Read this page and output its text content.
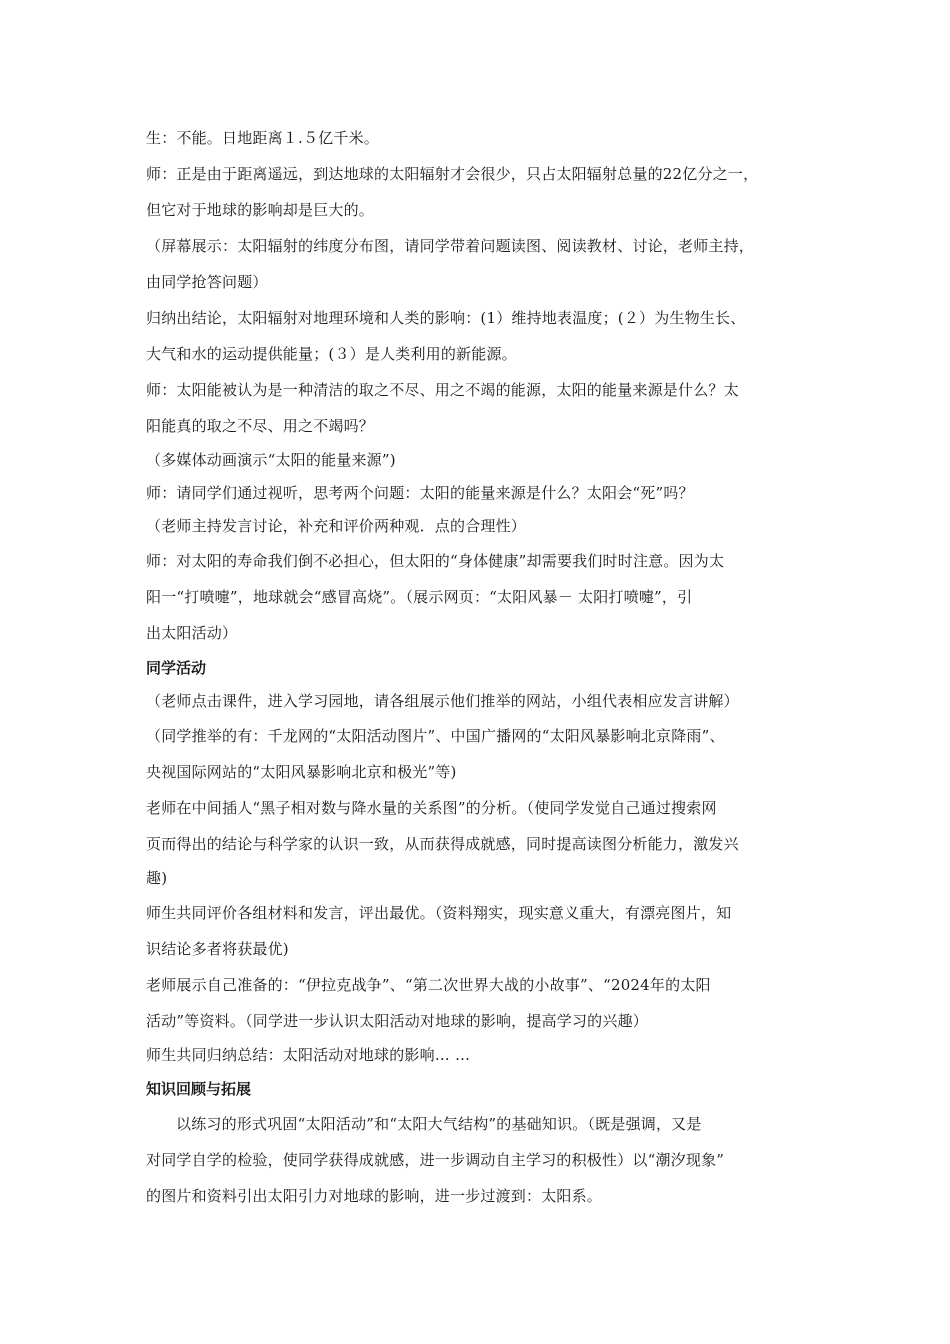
生：不能。日地距离１.５亿千米。

师：正是由于距离遥远，到达地球的太阳辐射才会很少，只占太阳辐射总量的22亿分之一，

但它对于地球的影响却是巨大的。

（屏幕展示：太阳辐射的纬度分布图，请同学带着问题读图、阅读教材、讨论，老师主持，

由同学抢答问题）

归纳出结论，太阳辐射对地理环境和人类的影响：(1）维持地表温度；(２）为生物生长、

大气和水的运动提供能量；(３）是人类利用的新能源。

师：太阳能被认为是一种清洁的取之不尽、用之不竭的能源，太阳的能量来源是什么？太

阳能真的取之不尽、用之不竭吗？

（多媒体动画演示“太阳的能量来源”)

师：请同学们通过视听，思考两个问题：太阳的能量来源是什么？太阳会“死”吗？

（老师主持发言讨论，补充和评价两种观．点的合理性）

师：对太阳的寿命我们倒不必担心，但太阳的“身体健康”却需要我们时时注意。因为太

阳一“打喷嚏”，地球就会“感冒高烧”。（展示网页：“太阳风暴－ 太阳打喷嚏”，引

出太阳活动）

同学活动

（老师点击课件，进入学习园地，请各组展示他们推举的网站，小组代表相应发言讲解）

（同学推举的有：千龙网的“太阳活动图片”、中国广播网的“太阳风暴影响北京降雨”、

央视国际网站的“太阳风暴影响北京和极光”等)

老师在中间插人“黑子相对数与降水量的关系图”的分析。（使同学发觉自己通过搜索网

页而得出的结论与科学家的认识一致，从而获得成就感，同时提高读图分析能力，激发兴

趣)

师生共同评价各组材料和发言，评出最优。（资料翔实，现实意义重大，有漂亮图片，知

识结论多者将获最优)

老师展示自己准备的：“伊拉克战争”、“第二次世界大战的小故事”、“2024年的太阳

活动”等资料。（同学进一步认识太阳活动对地球的影响，提高学习的兴趣）

师生共同归纳总结：太阳活动对地球的影响… …

知识回顾与拓展

以练习的形式巩固“太阳活动”和“太阳大气结构”的基础知识。（既是强调，又是

对同学自学的检验，使同学获得成就感，进一步调动自主学习的积极性）以“潮汐现象”

的图片和资料引出太阳引力对地球的影响，进一步过渡到：太阳系。
